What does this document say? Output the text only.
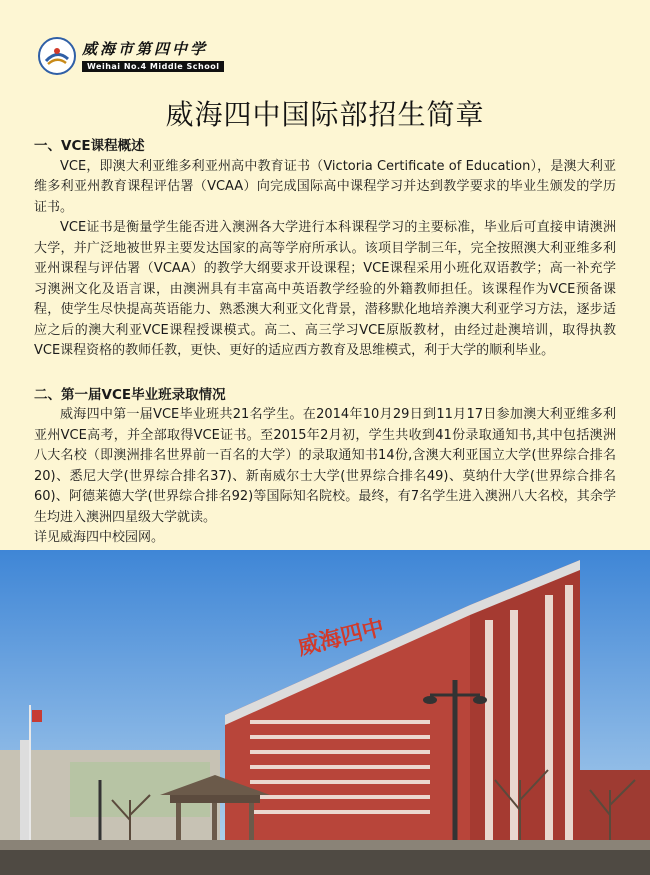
威海市第四中学
Weihai No.4 Middle School
威海四中国际部招生简章

一、VCE课程概述

VCE，即澳大利亚维多利亚州高中教育证书（Victoria Certificate of Education），是澳大利亚维多利亚州教育课程评估署（VCAA）向完成国际高中课程学习并达到教学要求的毕业生颁发的学历证书。

VCE证书是衡量学生能否进入澳洲各大学进行本科课程学习的主要标准，毕业后可直接申请澳洲大学，并广泛地被世界主要发达国家的高等学府所承认。该项目学制三年，完全按照澳大利亚维多利亚州课程与评估署（VCAA）的教学大纲要求开设课程；VCE课程采用小班化双语教学；高一补充学习澳洲文化及语言课，由澳洲具有丰富高中英语教学经验的外籍教师担任。该课程作为VCE预备课程，使学生尽快提高英语能力、熟悉澳大利亚文化背景，潜移默化地培养澳大利亚学习方法，逐步适应之后的澳大利亚VCE课程授课模式。高二、高三学习VCE原版教材，由经过赴澳培训，取得执教VCE课程资格的教师任教，更快、更好的适应西方教育及思维模式，利于大学的顺利毕业。

二、第一届VCE毕业班录取情况

威海四中第一届VCE毕业班共21名学生。在2014年10月29日到11月17日参加澳大利亚维多利亚州VCE高考，并全部取得VCE证书。至2015年2月初，学生共收到41份录取通知书,其中包括澳洲八大名校（即澳洲排名世界前一百名的大学）的录取通知书14份,含澳大利亚国立大学(世界综合排名20)、悉尼大学(世界综合排名37)、新南威尔士大学(世界综合排名49)、莫纳什大学(世界综合排名60)、阿德莱德大学(世界综合排名92)等国际知名院校。最终，有7名学生进入澳洲八大名校，其余学生均进入澳洲四星级大学就读。

详见威海四中校园网。

威海四中
